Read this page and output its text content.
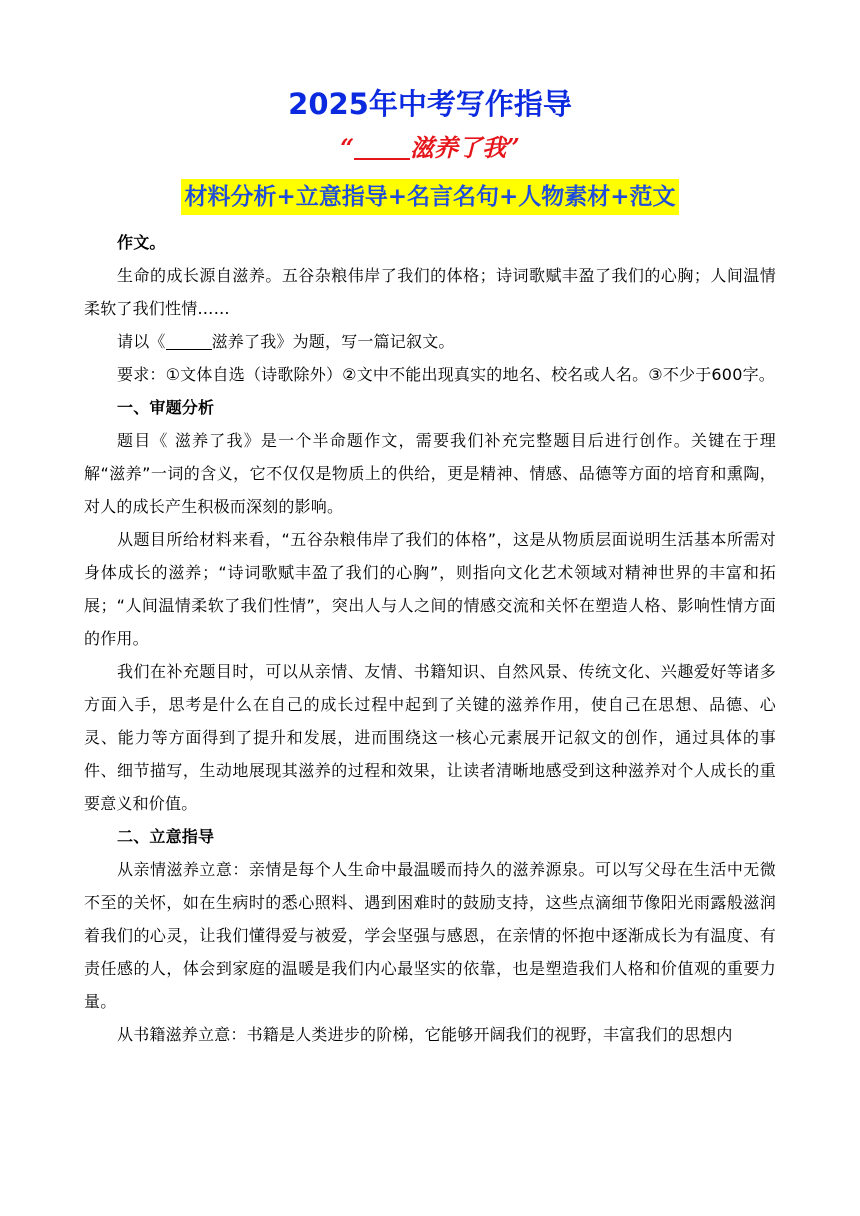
2025年中考写作指导
“ 滋养了我”
材料分析+立意指导+名言名句+人物素材+范文

作文。

生命的成长源自滋养。五谷杂粮伟岸了我们的体格；诗词歌赋丰盈了我们的心胸；人间温情柔软了我们性情……

请以《	滋养了我》为题，写一篇记叙文。

要求：①文体自选（诗歌除外）②文中不能出现真实的地名、校名或人名。③不少于600字。

一、审题分析

题目《 滋养了我》是一个半命题作文，需要我们补充完整题目后进行创作。关键在于理解“滋养”一词的含义，它不仅仅是物质上的供给，更是精神、情感、品德等方面的培育和熏陶，对人的成长产生积极而深刻的影响。

从题目所给材料来看，“五谷杂粮伟岸了我们的体格”，这是从物质层面说明生活基本所需对身体成长的滋养；“诗词歌赋丰盈了我们的心胸”，则指向文化艺术领域对精神世界的丰富和拓展；“人间温情柔软了我们性情”，突出人与人之间的情感交流和关怀在塑造人格、影响性情方面的作用。

我们在补充题目时，可以从亲情、友情、书籍知识、自然风景、传统文化、兴趣爱好等诸多方面入手，思考是什么在自己的成长过程中起到了关键的滋养作用，使自己在思想、品德、心灵、能力等方面得到了提升和发展，进而围绕这一核心元素展开记叙文的创作，通过具体的事件、细节描写，生动地展现其滋养的过程和效果，让读者清晰地感受到这种滋养对个人成长的重要意义和价值。

二、立意指导

从亲情滋养立意：亲情是每个人生命中最温暖而持久的滋养源泉。可以写父母在生活中无微不至的关怀，如在生病时的悉心照料、遇到困难时的鼓励支持，这些点滴细节像阳光雨露般滋润着我们的心灵，让我们懂得爱与被爱，学会坚强与感恩，在亲情的怀抱中逐渐成长为有温度、有责任感的人，体会到家庭的温暖是我们内心最坚实的依靠，也是塑造我们人格和价值观的重要力量。

从书籍滋养立意：书籍是人类进步的阶梯，它能够开阔我们的视野，丰富我们的思想内
